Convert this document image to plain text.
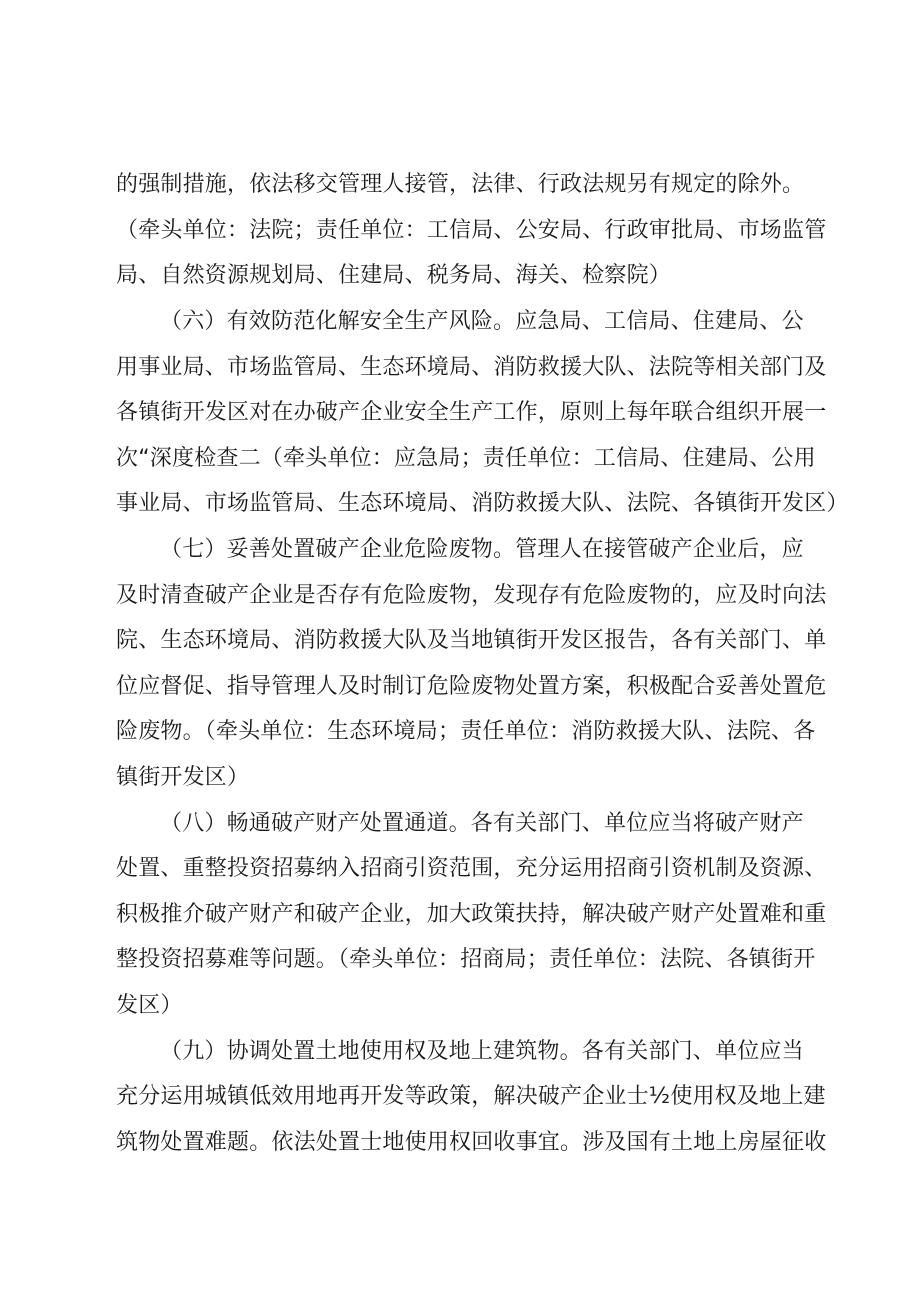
的强制措施，依法移交管理人接管，法律、行政法规另有规定的除外。
（牵头单位：法院；责任单位：工信局、公安局、行政审批局、市场监管
局、自然资源规划局、住建局、税务局、海关、检察院）
（六）有效防范化解安全生产风险。应急局、工信局、住建局、公
用事业局、市场监管局、生态环境局、消防救援大队、法院等相关部门及
各镇街开发区对在办破产企业安全生产工作，原则上每年联合组织开展一
次“深度检查二（牵头单位：应急局；责任单位：工信局、住建局、公用
事业局、市场监管局、生态环境局、消防救援大队、法院、各镇街开发区）
（七）妥善处置破产企业危险废物。管理人在接管破产企业后，应
及时清查破产企业是否存有危险废物，发现存有危险废物的，应及时向法
院、生态环境局、消防救援大队及当地镇街开发区报告，各有关部门、单
位应督促、指导管理人及时制订危险废物处置方案，积极配合妥善处置危
险废物。（牵头单位：生态环境局；责任单位：消防救援大队、法院、各
镇街开发区）
（八）畅通破产财产处置通道。各有关部门、单位应当将破产财产
处置、重整投资招募纳入招商引资范围，充分运用招商引资机制及资源、
积极推介破产财产和破产企业，加大政策扶持，解决破产财产处置难和重
整投资招募难等问题。（牵头单位：招商局；责任单位：法院、各镇街开
发区）
（九）协调处置土地使用权及地上建筑物。各有关部门、单位应当
充分运用城镇低效用地再开发等政策，解决破产企业士½使用权及地上建
筑物处置难题。依法处置士地使用权回收事宜。涉及国有土地上房屋征收
